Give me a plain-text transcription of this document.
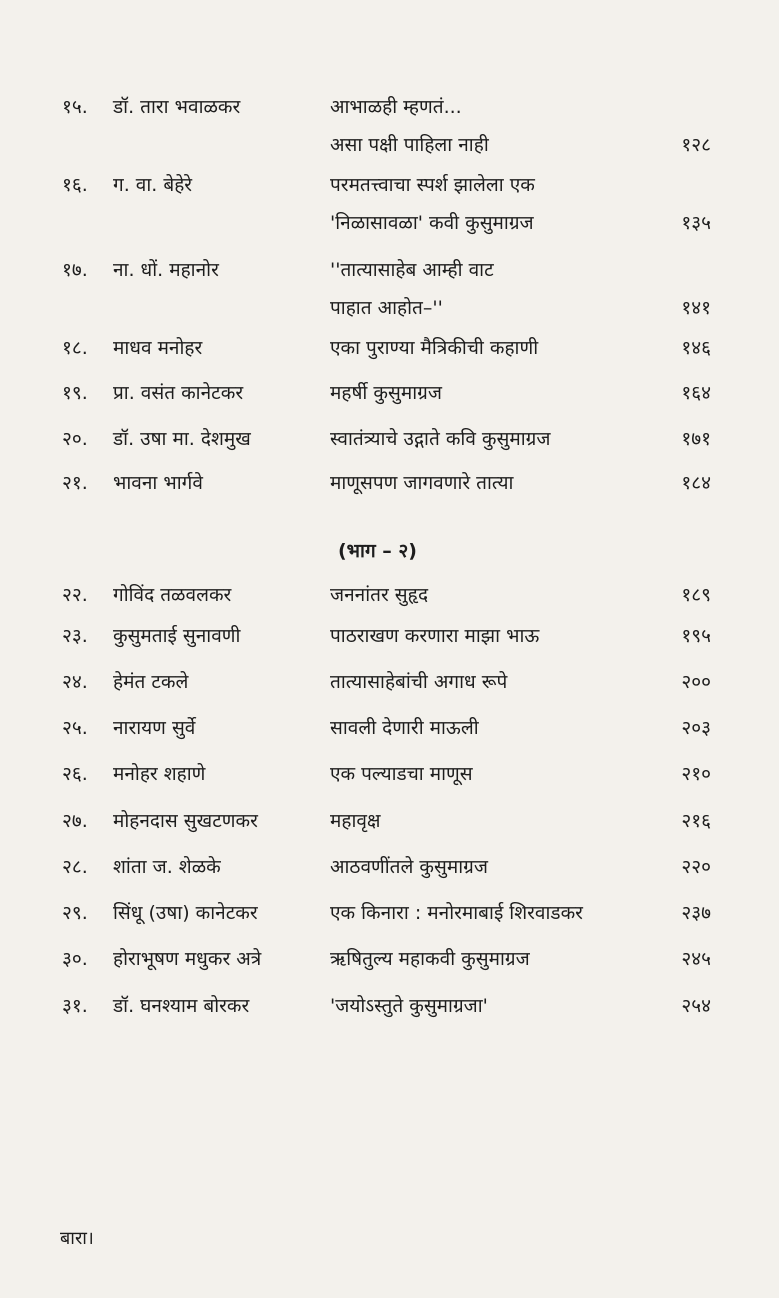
१५. डॉ. तारा भवाळकर	आभाळही म्हणतं...
असा पक्षी पाहिला नाही	१२८
१६. ग. वा. बेहेरे	परमतत्त्वाचा स्पर्श झालेला एक
'निळासावळा' कवी कुसुमाग्रज	१३५
१७. ना. धों. महानोर	''तात्यासाहेब आम्ही वाट
पाहात आहोत–''	१४१
१८. माधव मनोहर	एका पुराण्या मैत्रिकीची कहाणी	१४६
१९. प्रा. वसंत कानेटकर	महर्षी कुसुमाग्रज	१६४
२०. डॉ. उषा मा. देशमुख	स्वातंत्र्याचे उद्गाते कवि कुसुमाग्रज	१७१
२१. भावना भार्गवे	माणूसपण जागवणारे तात्या	१८४
२२. गोविंद तळवलकर	जननांतर सुहृद	१८९
२३. कुसुमताई सुनावणी	पाठराखण करणारा माझा भाऊ	१९५
२४. हेमंत टकले	तात्यासाहेबांची अगाध रूपे	२००
२५. नारायण सुर्वे	सावली देणारी माऊली	२०३
२६. मनोहर शहाणे	एक पल्याडचा माणूस	२१०
२७. मोहनदास सुखटणकर	महावृक्ष	२१६
२८. शांता ज. शेळके	आठवणींतले कुसुमाग्रज	२२०
२९. सिंधू (उषा) कानेटकर	एक किनारा : मनोरमाबाई शिरवाडकर	२३७
३०. होराभूषण मधुकर अत्रे	ऋषितुल्य महाकवी कुसुमाग्रज	२४५
३१. डॉ. घनश्याम बोरकर	'जयोऽस्तुते कुसुमाग्रजा'	२५४
(भाग – २)
बारा।
